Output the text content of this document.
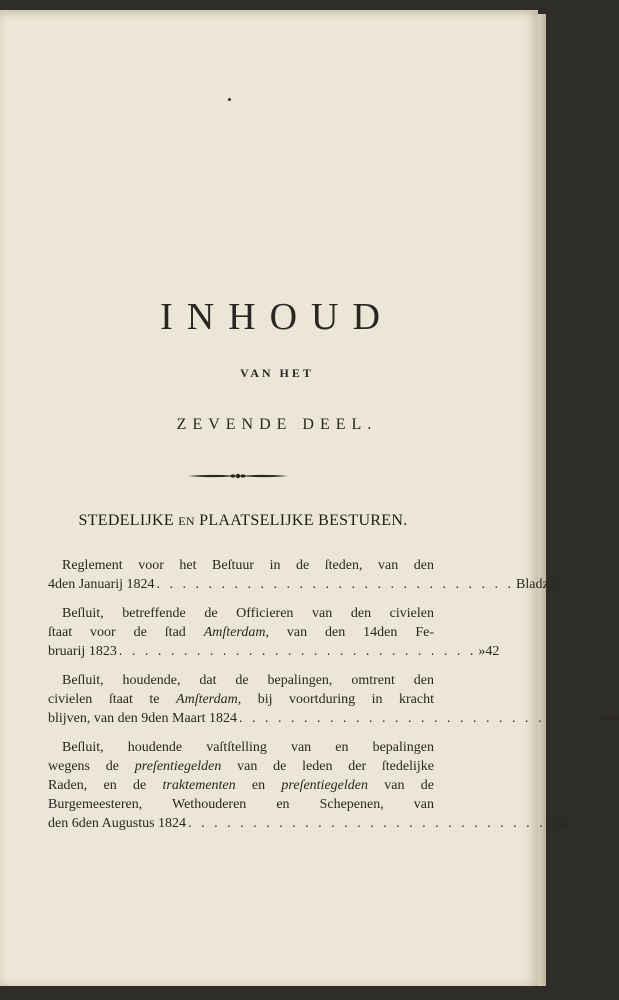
INHOUD
VAN HET
ZEVENDE DEEL.
STEDELIJKE EN PLAATSELIJKE BESTUREN.
Reglement voor het Beſtuur in de ſteden, van den
4den Januarij 1824 . . . . . . . . . . . . . . . . . . . . . . . . . . . . Bladz. 2
Beſluit, betreffende de Officieren van den civielen
ſtaat voor de ſtad Amſterdam, van den 14den Fe-
bruarij 1823 . . . . . . . . . . . . . . . . . . . . . . . . . . . . » 42
Beſluit, houdende, dat de bepalingen, omtrent den
civielen ſtaat te Amſterdam, bij voortduring in kracht
blijven, van den 9den Maart 1824 . . . . . . . . . . . . . . . . . . . . . . . . . . . . » 44
Beſluit, houdende vaſtſtelling van en bepalingen
wegens de preſentiegelden van de leden der ſtedelijke
Raden, en de traktementen en preſentiegelden van de
Burgemeesteren, Wethouderen en Schepenen, van
den 6den Augustus 1824 . . . . . . . . . . . . . . . . . . . . . . . . . . . . » 52
